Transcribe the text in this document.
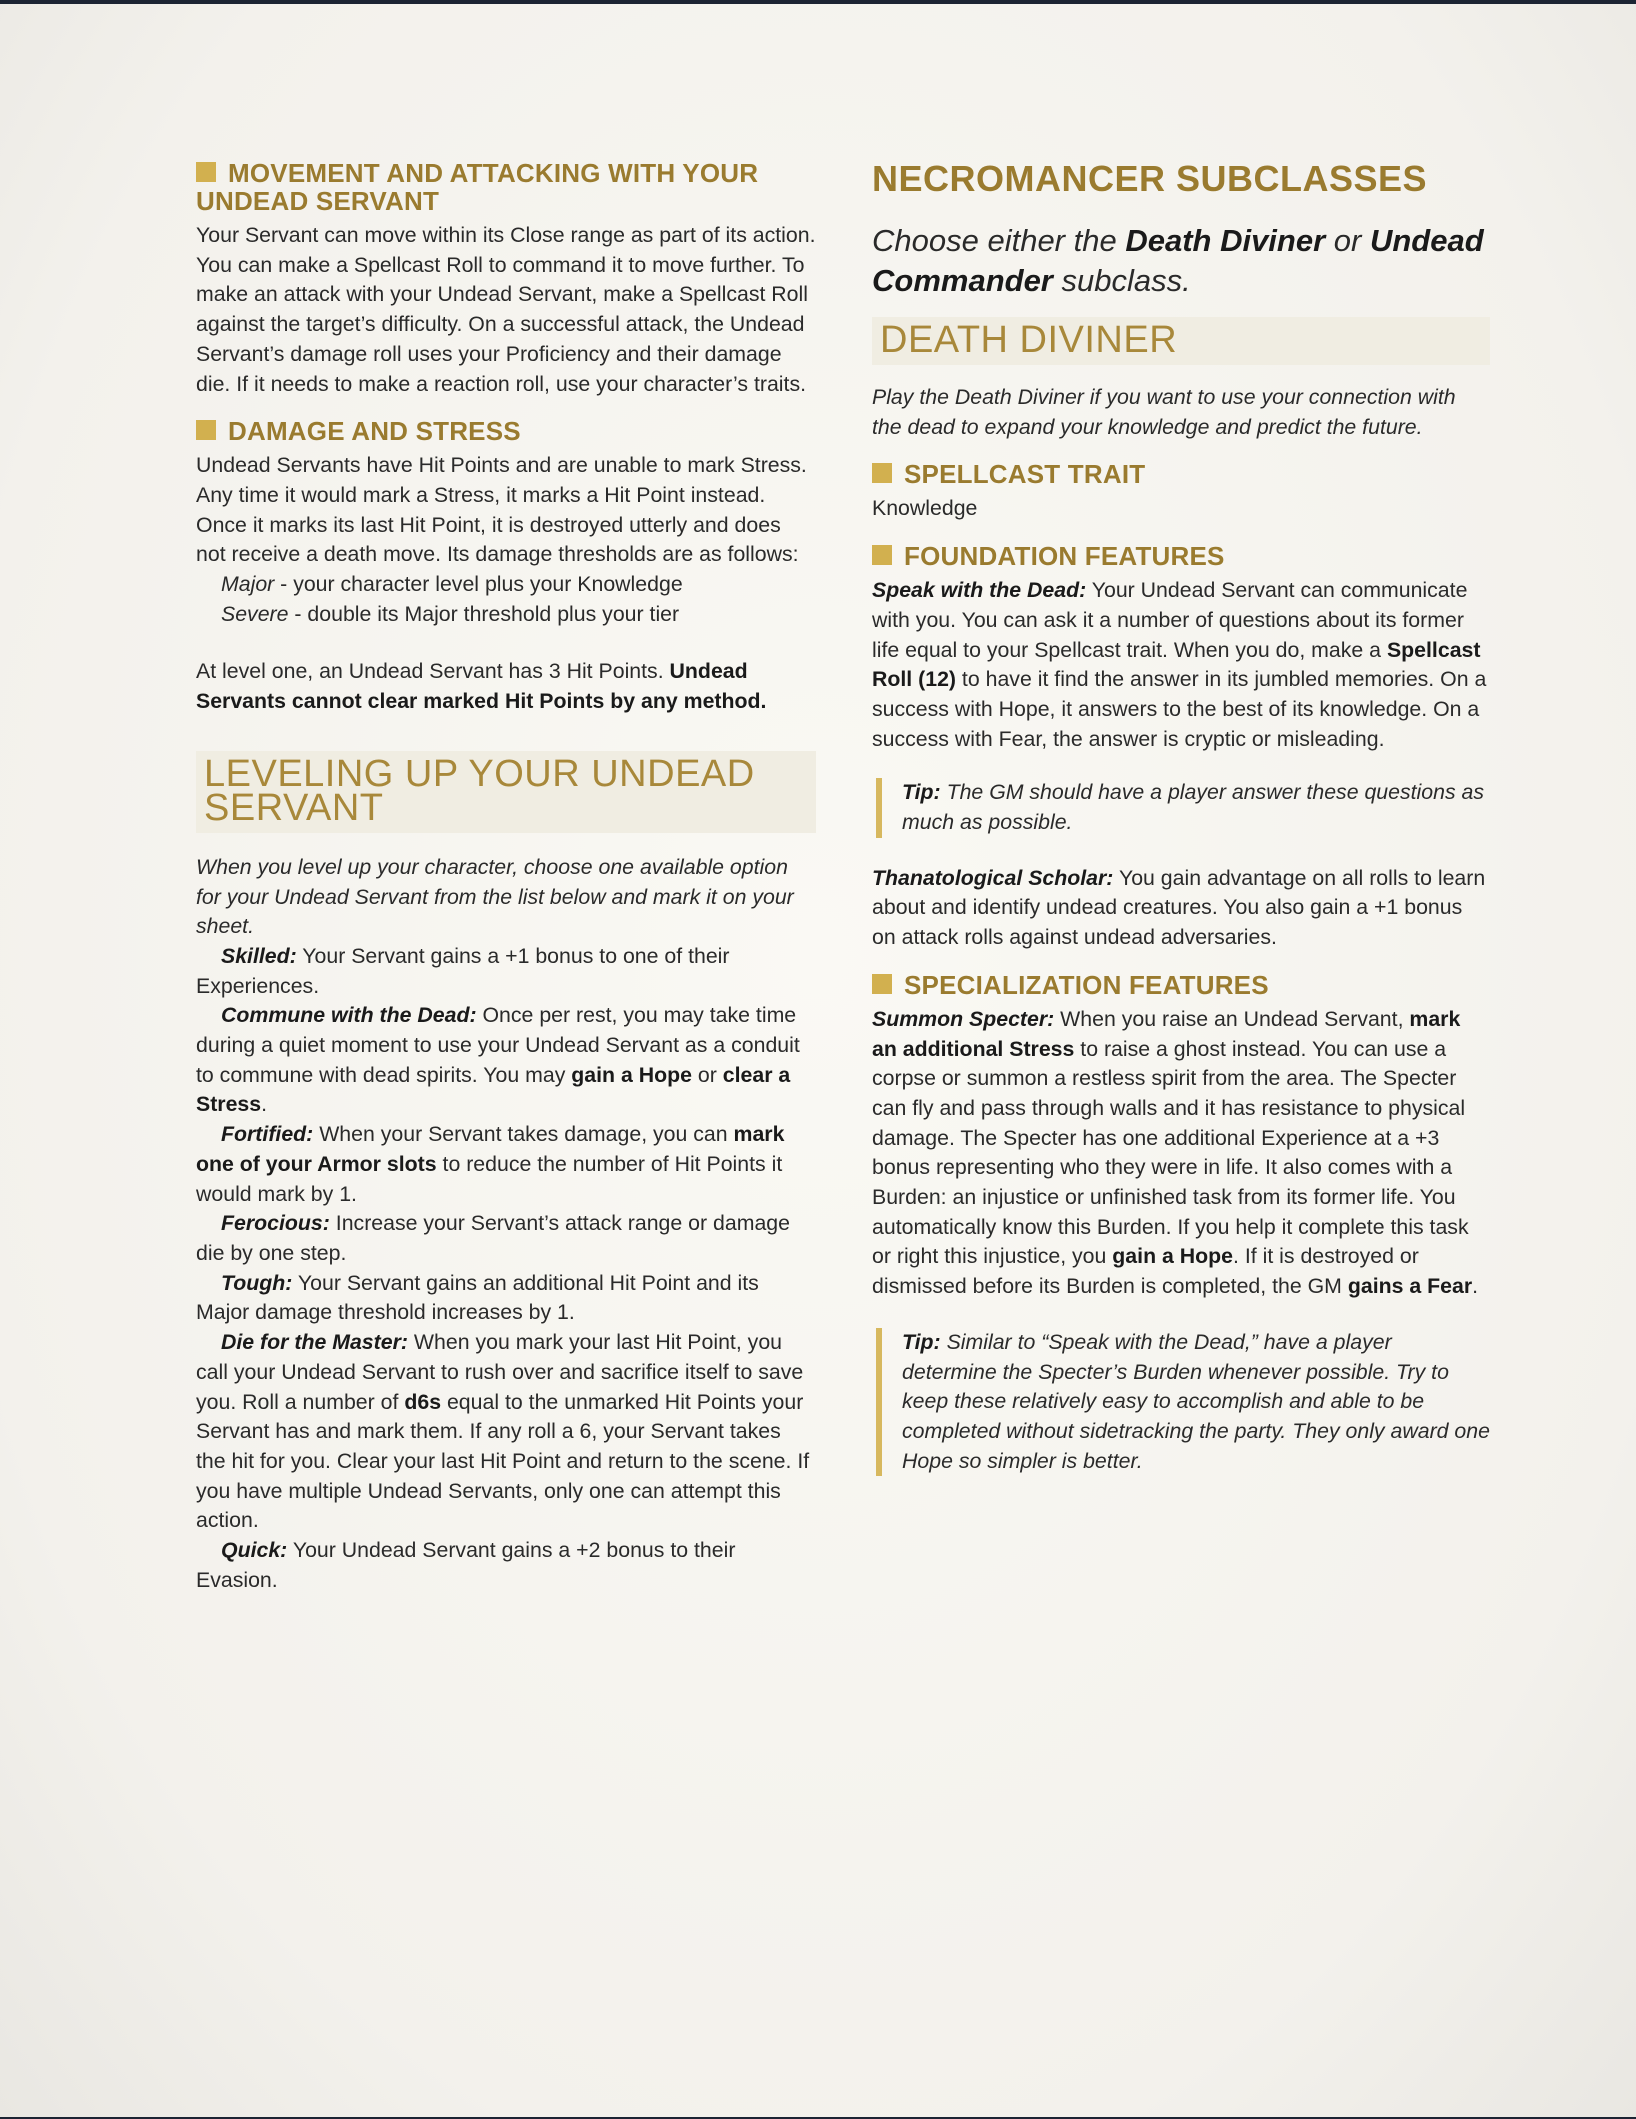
MOVEMENT AND ATTACKING WITH YOUR UNDEAD SERVANT

Your Servant can move within its Close range as part of its action. You can make a Spellcast Roll to command it to move further. To make an attack with your Undead Servant, make a Spellcast Roll against the target’s difficulty. On a successful attack, the Undead Servant’s damage roll uses your Proficiency and their damage die. If it needs to make a reaction roll, use your character’s traits.

DAMAGE AND STRESS

Undead Servants have Hit Points and are unable to mark Stress. Any time it would mark a Stress, it marks a Hit Point instead. Once it marks its last Hit Point, it is destroyed utterly and does not receive a death move. Its damage thresholds are as follows:

Major - your character level plus your Knowledge

Severe - double its Major threshold plus your tier

At level one, an Undead Servant has 3 Hit Points. Undead Servants cannot clear marked Hit Points by any method.

LEVELING UP YOUR UNDEAD SERVANT

When you level up your character, choose one available option for your Undead Servant from the list below and mark it on your sheet.

Skilled: Your Servant gains a +1 bonus to one of their Experiences.

Commune with the Dead: Once per rest, you may take time during a quiet moment to use your Undead Servant as a conduit to commune with dead spirits. You may gain a Hope or clear a Stress.

Fortified: When your Servant takes damage, you can mark one of your Armor slots to reduce the number of Hit Points it would mark by 1.

Ferocious: Increase your Servant’s attack range or damage die by one step.

Tough: Your Servant gains an additional Hit Point and its Major damage threshold increases by 1.

Die for the Master: When you mark your last Hit Point, you call your Undead Servant to rush over and sacrifice itself to save you. Roll a number of d6s equal to the unmarked Hit Points your Servant has and mark them. If any roll a 6, your Servant takes the hit for you. Clear your last Hit Point and return to the scene. If you have multiple Undead Servants, only one can attempt this action.

Quick: Your Undead Servant gains a +2 bonus to their Evasion.

NECROMANCER SUBCLASSES

Choose either the Death Diviner or Undead Commander subclass.

DEATH DIVINER

Play the Death Diviner if you want to use your connection with the dead to expand your knowledge and predict the future.

SPELLCAST TRAIT

Knowledge

FOUNDATION FEATURES

Speak with the Dead: Your Undead Servant can communicate with you. You can ask it a number of questions about its former life equal to your Spellcast trait. When you do, make a Spellcast Roll (12) to have it find the answer in its jumbled memories. On a success with Hope, it answers to the best of its knowledge. On a success with Fear, the answer is cryptic or misleading.

Tip: The GM should have a player answer these questions as much as possible.

Thanatological Scholar: You gain advantage on all rolls to learn about and identify undead creatures. You also gain a +1 bonus on attack rolls against undead adversaries.

SPECIALIZATION FEATURES

Summon Specter: When you raise an Undead Servant, mark an additional Stress to raise a ghost instead. You can use a corpse or summon a restless spirit from the area. The Specter can fly and pass through walls and it has resistance to physical damage. The Specter has one additional Experience at a +3 bonus representing who they were in life. It also comes with a Burden: an injustice or unfinished task from its former life. You automatically know this Burden. If you help it complete this task or right this injustice, you gain a Hope. If it is destroyed or dismissed before its Burden is completed, the GM gains a Fear.

Tip: Similar to “Speak with the Dead,” have a player determine the Specter’s Burden whenever possible. Try to keep these relatively easy to accomplish and able to be completed without sidetracking the party. They only award one Hope so simpler is better.
